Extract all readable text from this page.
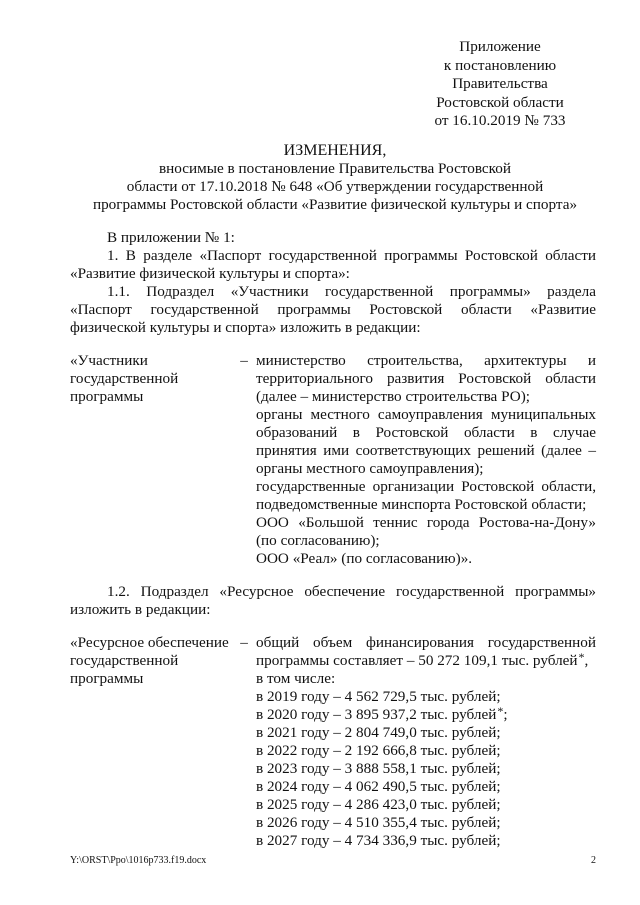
Приложение
к постановлению
Правительства
Ростовской области
от 16.10.2019 № 733
ИЗМЕНЕНИЯ,
вносимые в постановление Правительства Ростовской
области от 17.10.2018 № 648 «Об утверждении государственной
программы Ростовской области «Развитие физической культуры и спорта»
В приложении № 1:
1. В разделе «Паспорт государственной программы Ростовской области
«Развитие физической культуры и спорта»:
1.1. Подраздел «Участники государственной программы» раздела
«Паспорт государственной программы Ростовской области «Развитие
физической культуры и спорта» изложить в редакции:
«Участники
государственной
программы
– министерство строительства, архитектуры и
территориального развития Ростовской области
(далее – министерство строительства РО);
органы местного самоуправления муниципальных
образований в Ростовской области в случае
принятия ими соответствующих решений (далее –
органы местного самоуправления);
государственные организации Ростовской области,
подведомственные минспорта Ростовской области;
ООО «Большой теннис города Ростова-на-Дону»
(по согласованию);
ООО «Реал» (по согласованию)».
1.2. Подраздел «Ресурсное обеспечение государственной программы»
изложить в редакции:
«Ресурсное обеспечение
государственной
программы
– общий объем финансирования государственной
программы составляет – 50 272 109,1 тыс. рублей*,
в том числе:
в 2019 году – 4 562 729,5 тыс. рублей;
в 2020 году – 3 895 937,2 тыс. рублей*;
в 2021 году – 2 804 749,0 тыс. рублей;
в 2022 году – 2 192 666,8 тыс. рублей;
в 2023 году – 3 888 558,1 тыс. рублей;
в 2024 году – 4 062 490,5 тыс. рублей;
в 2025 году – 4 286 423,0 тыс. рублей;
в 2026 году – 4 510 355,4 тыс. рублей;
в 2027 году – 4 734 336,9 тыс. рублей;
Y:\ORST\Ppo\1016p733.f19.docx	2
